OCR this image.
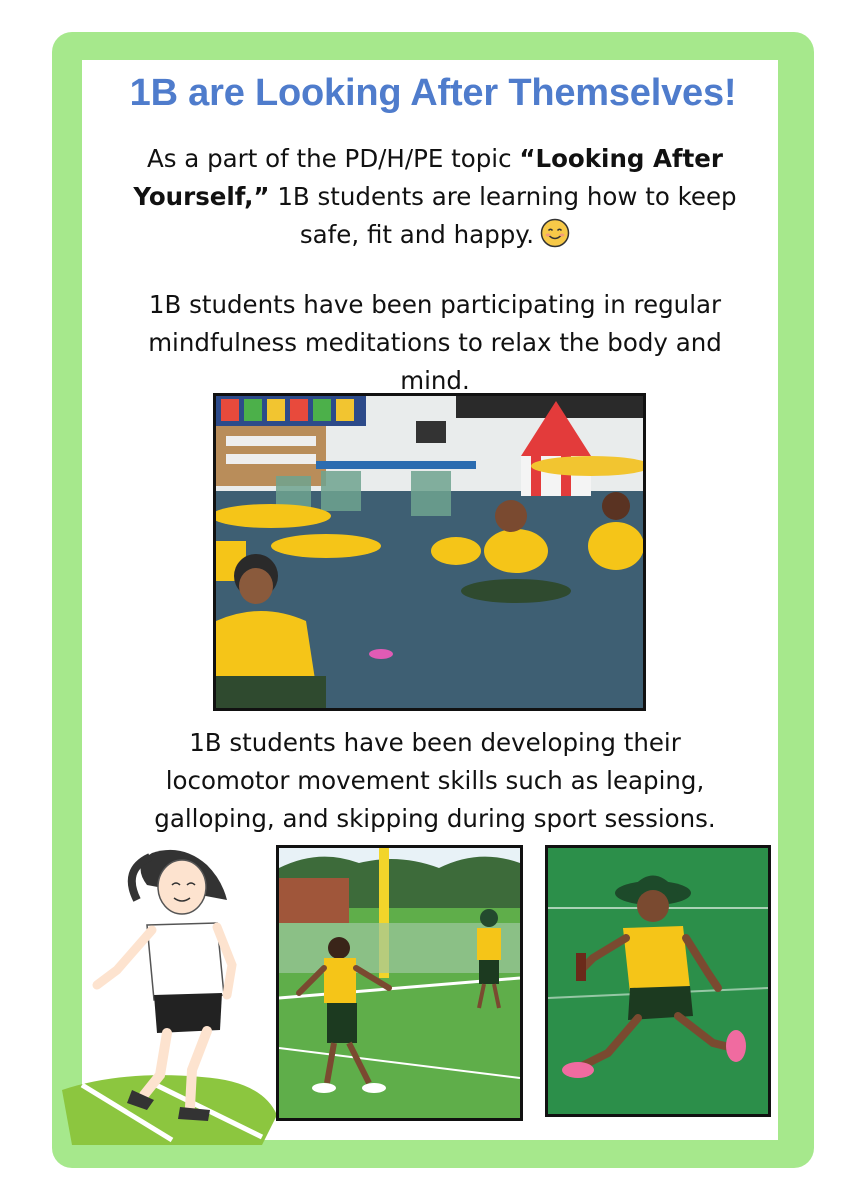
1B are Looking After Themselves!

As a part of the PD/H/PE topic “Looking After
Yourself,” 1B students are learning how to keep
safe, fit and happy.

1B students have been participating in regular
mindfulness meditations to relax the body and
mind.

1B students have been developing their
locomotor movement skills such as leaping,
galloping, and skipping during sport sessions.
